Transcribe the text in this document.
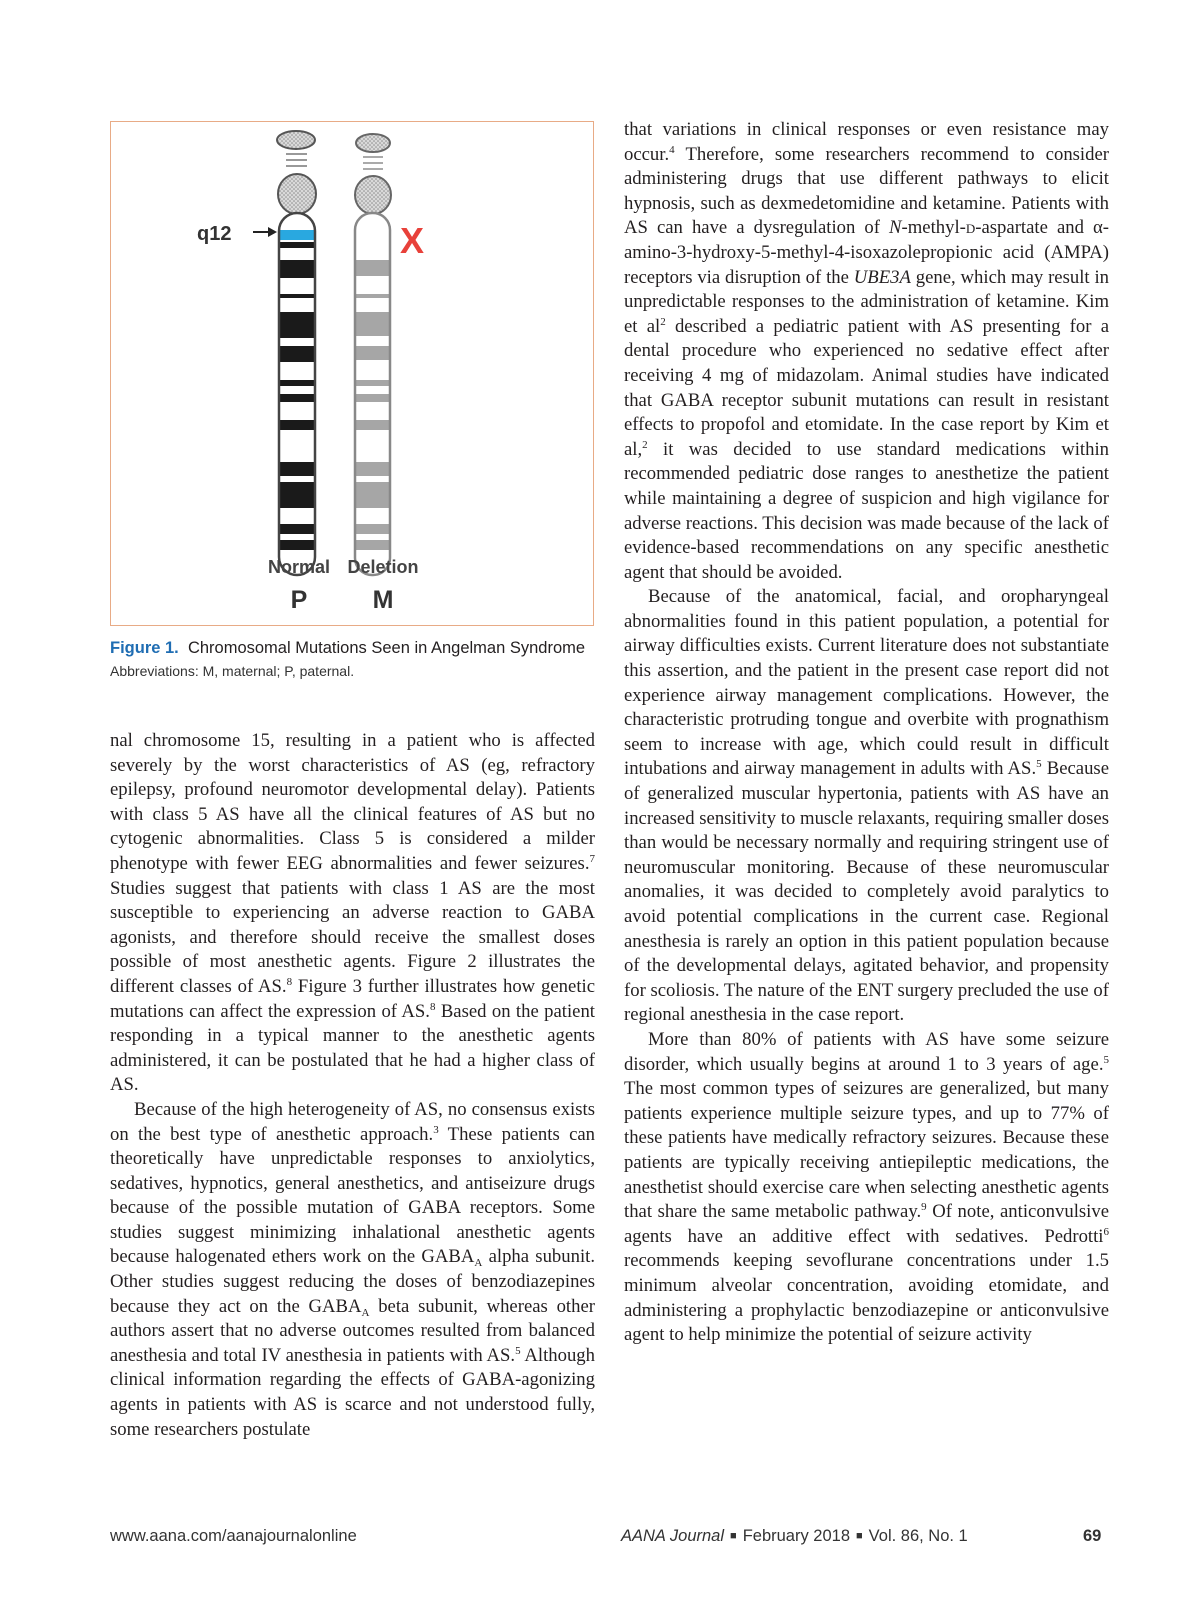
q12	X
Normal Deletion
P	M
Figure 1. Chromosomal Mutations Seen in Angelman Syndrome
Abbreviations: M, maternal; P, paternal.

nal chromosome 15, resulting in a patient who is affected severely by the worst characteristics of AS (eg, refractory epilepsy, profound neuromotor developmental delay). Patients with class 5 AS have all the clinical features of AS but no cytogenic abnormalities. Class 5 is considered a milder phenotype with fewer EEG abnormalities and fewer seizures.$^7$ Studies suggest that patients with class 1 AS are the most susceptible to experiencing an adverse reaction to GABA agonists, and therefore should receive the smallest doses possible of most anesthetic agents. Figure 2 illustrates the different classes of AS.$^8$ Figure 3 further illustrates how genetic mutations can affect the expression of AS.$^8$ Based on the patient responding in a typical manner to the anesthetic agents administered, it can be postulated that he had a higher class of AS.

Because of the high heterogeneity of AS, no consensus exists on the best type of anesthetic approach.$^3$ These patients can theoretically have unpredictable responses to anxiolytics, sedatives, hypnotics, general anesthetics, and antiseizure drugs because of the possible mutation of GABA receptors. Some studies suggest minimizing inhalational anesthetic agents because halogenated ethers work on the $GABA_A$ alpha subunit. Other studies suggest reducing the doses of benzodiazepines because they act on the $GABA_A$ beta subunit, whereas other authors assert that no adverse outcomes resulted from balanced anesthesia and total IV anesthesia in patients with AS.$^5$ Although clinical information regarding the effects of GABA-agonizing agents in patients with AS is scarce and not understood fully, some researchers postulate

that variations in clinical responses or even resistance may occur.$^4$ Therefore, some researchers recommend to consider administering drugs that use different pathways to elicit hypnosis, such as dexmedetomidine and ketamine. Patients with AS can have a dysregulation of N-methyl-d-aspartate and α-amino-3-hydroxy-5-methyl-4-isoxazolepropionic acid (AMPA) receptors via disruption of the UBE3A gene, which may result in unpredictable responses to the administration of ketamine. Kim et $al^2$ described a pediatric patient with AS presenting for a dental procedure who experienced no sedative effect after receiving 4 mg of midazolam. Animal studies have indicated that GABA receptor subunit mutations can result in resistant effects to propofol and etomidate. In the case report by Kim et al,$^2$ it was decided to use standard medications within recommended pediatric dose ranges to anesthetize the patient while maintaining a degree of suspicion and high vigilance for adverse reactions. This decision was made because of the lack of evidence-based recommendations on any specific anesthetic agent that should be avoided.

Because of the anatomical, facial, and oropharyngeal abnormalities found in this patient population, a potential for airway difficulties exists. Current literature does not substantiate this assertion, and the patient in the present case report did not experience airway management complications. However, the characteristic protruding tongue and overbite with prognathism seem to increase with age, which could result in difficult intubations and airway management in adults with AS.$^5$ Because of generalized muscular hypertonia, patients with AS have an increased sensitivity to muscle relaxants, requiring smaller doses than would be necessary normally and requiring stringent use of neuromuscular monitoring. Because of these neuromuscular anomalies, it was decided to completely avoid paralytics to avoid potential complications in the current case. Regional anesthesia is rarely an option in this patient population because of the developmental delays, agitated behavior, and propensity for scoliosis. The nature of the ENT surgery precluded the use of regional anesthesia in the case report.

More than 80% of patients with AS have some seizure disorder, which usually begins at around 1 to 3 years of age.$^5$ The most common types of seizures are generalized, but many patients experience multiple seizure types, and up to 77% of these patients have medically refractory seizures. Because these patients are typically receiving antiepileptic medications, the anesthetist should exercise care when selecting anesthetic agents that share the same metabolic pathway.$^9$ Of note, anticonvulsive agents have an additive effect with sedatives. Pedrotti$^6$ recommends keeping sevoflurane concentrations under 1.5 minimum alveolar concentration, avoiding etomidate, and administering a prophylactic benzodiazepine or anticonvulsive agent to help minimize the potential of seizure activity

www.aana.com/aanajournalonline	AANA Journal ■ February 2018 ■ Vol. 86, No. 1	69
